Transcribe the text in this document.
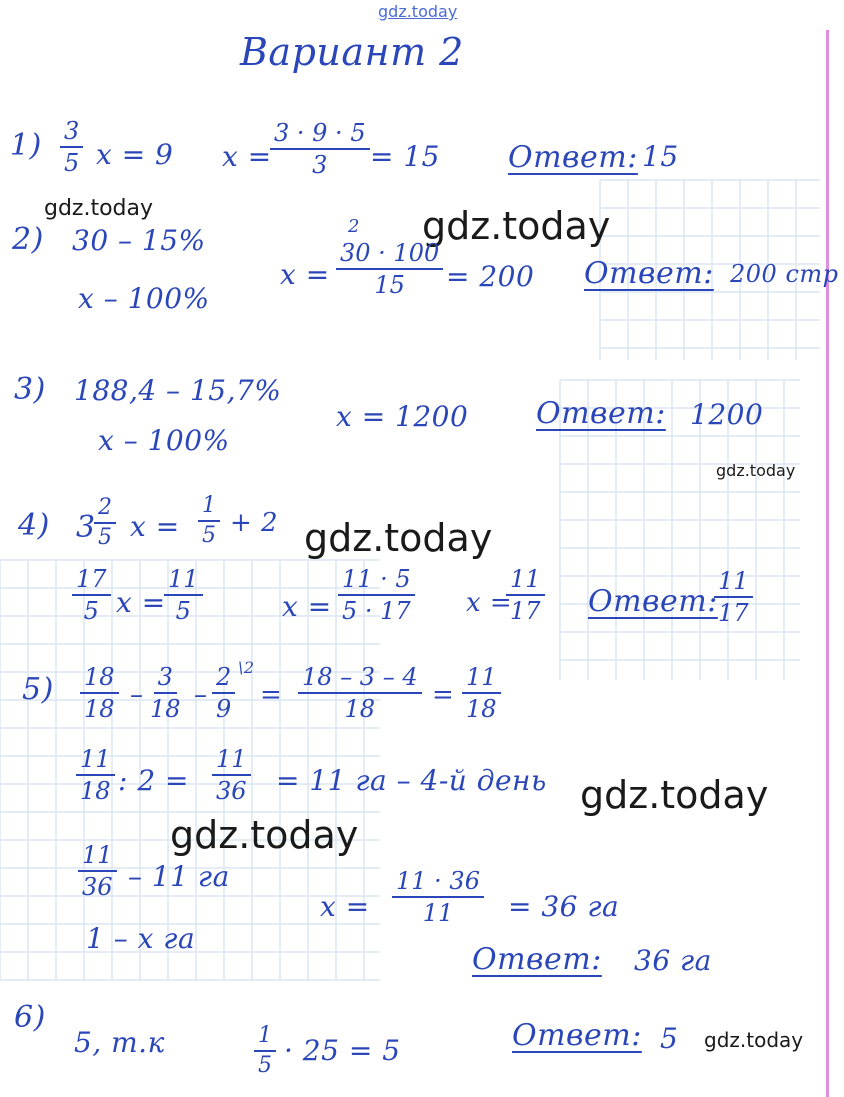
gdz.today
gdz.today	gdz.today
gdz.today
gdz.today
gdz.today
gdz.today
gdz.today
Вариант 2
$1) \frac{3}{5}$ x = 9 x =
$\frac{3 \cdot 9 \cdot 5}{3} = 15$ Ответ: 15
2) 30 – 15%
x – 100%
x =
2
$\frac{30 \cdot 100}{15} = 200$ Ответ: 200 стр
3) 188,4 – 15,7%
x – 100%
x = 1200 Ответ: 1200
4) 3
$\frac{2}{5}$ $x = \frac{1}{5} + 2$
$\frac{17}{5}$ x =
$\frac{11}{5}$	$x = \frac{11 \cdot 5}{5 \cdot 17}$ x =
$\frac{11}{17}$ Ответ:
$\frac{11}{17}$
$5) \frac{18}{18} - \frac{3}{18} - \frac{2}{9}$ \2
= $\frac{18 - 3 - 4}{18} = \frac{11}{18}$
$\frac{11}{18}$ : $2 = \frac{11}{36} = 11$ га – 4-й день
$\frac{11}{36} - 11$ га
1 – x га
$x = \frac{11 \cdot 36}{11} = 36$ га
Ответ: 36 га
6)
5, т.к	$\frac{1}{5} \cdot 25 = 5$	Ответ: 5
